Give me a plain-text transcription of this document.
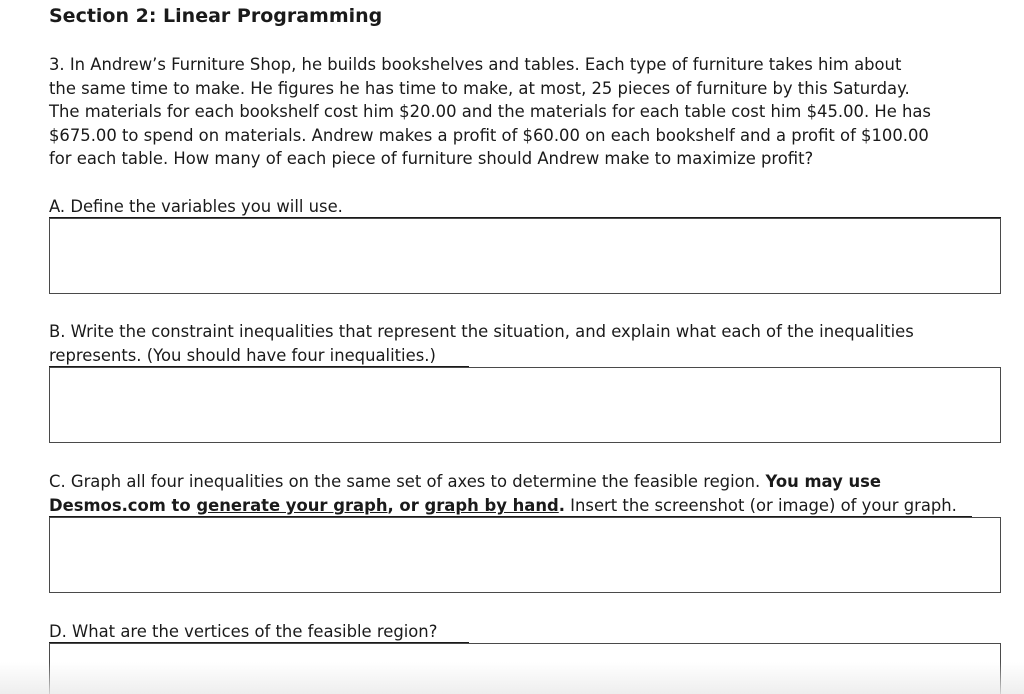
Section 2: Linear Programming
3. In Andrew’s Furniture Shop, he builds bookshelves and tables. Each type of furniture takes him about
the same time to make. He figures he has time to make, at most, 25 pieces of furniture by this Saturday.
The materials for each bookshelf cost him $20.00 and the materials for each table cost him $45.00. He has
$675.00 to spend on materials. Andrew makes a profit of $60.00 on each bookshelf and a profit of $100.00
for each table. How many of each piece of furniture should Andrew make to maximize profit?
A. Define the variables you will use.
B. Write the constraint inequalities that represent the situation, and explain what each of the inequalities
represents. (You should have four inequalities.)
C. Graph all four inequalities on the same set of axes to determine the feasible region. You may use
Desmos.com to generate your graph, or graph by hand. Insert the screenshot (or image) of your graph.
D. What are the vertices of the feasible region?
